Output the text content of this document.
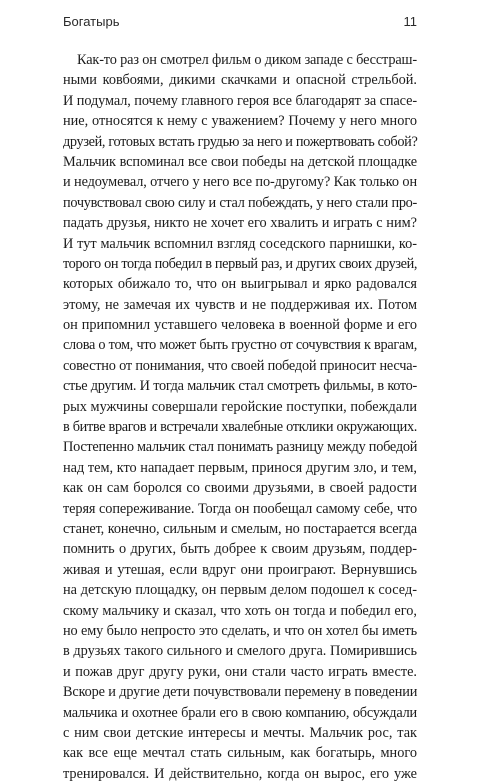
Богатырь	11
Как-то раз он смотрел фильм о диком западе с бесстраш-
ными ковбоями, дикими скачками и опасной стрельбой.
И подумал, почему главного героя все благодарят за спасе-
ние, относятся к нему с уважением? Почему у него много
друзей, готовых встать грудью за него и пожертвовать собой?
Мальчик вспоминал все свои победы на детской площадке
и недоумевал, отчего у него все по-другому? Как только он
почувствовал свою силу и стал побеждать, у него стали про-
падать друзья, никто не хочет его хвалить и играть с ним?
И тут мальчик вспомнил взгляд соседского парнишки, ко-
торого он тогда победил в первый раз, и других своих друзей,
которых обижало то, что он выигрывал и ярко радовался
этому, не замечая их чувств и не поддерживая их. Потом
он припомнил уставшего человека в военной форме и его
слова о том, что может быть грустно от сочувствия к врагам,
совестно от понимания, что своей победой приносит несча-
стье другим. И тогда мальчик стал смотреть фильмы, в кото-
рых мужчины совершали геройские поступки, побеждали
в битве врагов и встречали хвалебные отклики окружающих.
Постепенно мальчик стал понимать разницу между победой
над тем, кто нападает первым, принося другим зло, и тем,
как он сам боролся со своими друзьями, в своей радости
теряя сопереживание. Тогда он пообещал самому себе, что
станет, конечно, сильным и смелым, но постарается всегда
помнить о других, быть добрее к своим друзьям, поддер-
живая и утешая, если вдруг они проиграют. Вернувшись
на детскую площадку, он первым делом подошел к сосед-
скому мальчику и сказал, что хоть он тогда и победил его,
но ему было непросто это сделать, и что он хотел бы иметь
в друзьях такого сильного и смелого друга. Помирившись
и пожав друг другу руки, они стали часто играть вместе.
Вскоре и другие дети почувствовали перемену в поведении
мальчика и охотнее брали его в свою компанию, обсуждали
с ним свои детские интересы и мечты. Мальчик рос, так
как все еще мечтал стать сильным, как богатырь, много
тренировался. И действительно, когда он вырос, его уже
